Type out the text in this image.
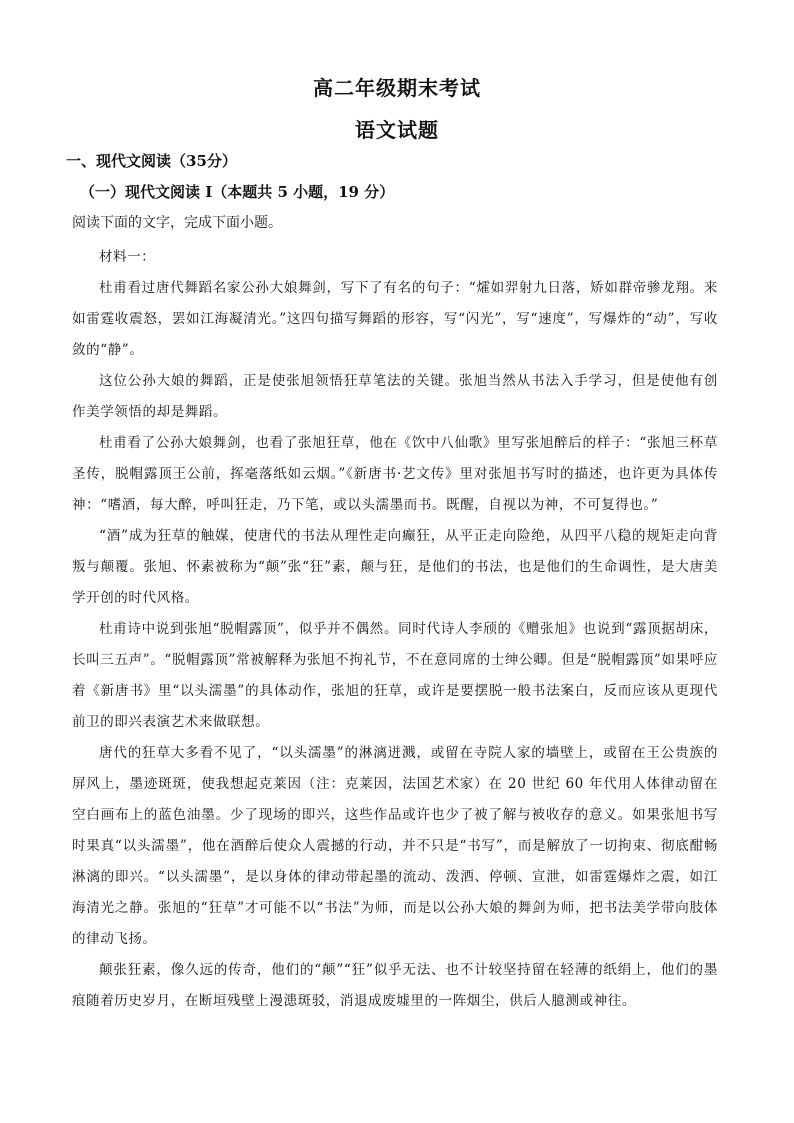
高二年级期末考试
语文试题
一、现代文阅读（35分）
（一）现代文阅读 I（本题共 5 小题，19 分）
阅读下面的文字，完成下面小题。

材料一：

杜甫看过唐代舞蹈名家公孙大娘舞剑，写下了有名的句子：“㸌如羿射九日落，矫如群帝骖龙翔。来如雷霆收震怒，罢如江海凝清光。”这四句描写舞蹈的形容，写“闪光”，写“速度”，写爆炸的“动”，写收敛的“静”。

这位公孙大娘的舞蹈，正是使张旭领悟狂草笔法的关键。张旭当然从书法入手学习，但是使他有创作美学领悟的却是舞蹈。

杜甫看了公孙大娘舞剑，也看了张旭狂草，他在《饮中八仙歌》里写张旭醉后的样子：“张旭三杯草圣传，脱帽露顶王公前，挥毫落纸如云烟。”《新唐书·艺文传》里对张旭书写时的描述，也许更为具体传神：“嗜酒，每大醉，呼叫狂走，乃下笔，或以头濡墨而书。既醒，自视以为神，不可复得也。”

“酒”成为狂草的触媒，使唐代的书法从理性走向癫狂，从平正走向险绝，从四平八稳的规矩走向背叛与颠覆。张旭、怀素被称为“颠”张“狂”素，颠与狂，是他们的书法，也是他们的生命调性，是大唐美学开创的时代风格。

杜甫诗中说到张旭“脱帽露顶”，似乎并不偶然。同时代诗人李颀的《赠张旭》也说到“露顶据胡床，长叫三五声”。“脱帽露顶”常被解释为张旭不拘礼节，不在意同席的士绅公卿。但是“脱帽露顶”如果呼应着《新唐书》里“以头濡墨”的具体动作，张旭的狂草，或许是要摆脱一般书法案白，反而应该从更现代前卫的即兴表演艺术来做联想。

唐代的狂草大多看不见了，“以头濡墨”的淋漓迸溅，或留在寺院人家的墙壁上，或留在王公贵族的屏风上，墨迹斑斑，使我想起克莱因（注：克莱因，法国艺术家）在 20 世纪 60 年代用人体律动留在空白画布上的蓝色油墨。少了现场的即兴，这些作品或许也少了被了解与被收存的意义。如果张旭书写时果真“以头濡墨”，他在酒醉后使众人震撼的行动，并不只是“书写”，而是解放了一切拘束、彻底酣畅淋漓的即兴。“以头濡墨”，是以身体的律动带起墨的流动、泼洒、停顿、宣泄，如雷霆爆炸之震，如江海清光之静。张旭的“狂草”才可能不以“书法”为师，而是以公孙大娘的舞剑为师，把书法美学带向肢体的律动飞扬。

颠张狂素，像久远的传奇，他们的“颠”“狂”似乎无法、也不计较坚持留在轻薄的纸绢上，他们的墨痕随着历史岁月，在断垣残壁上漫漶斑驳，消退成废墟里的一阵烟尘，供后人臆测或神往。
